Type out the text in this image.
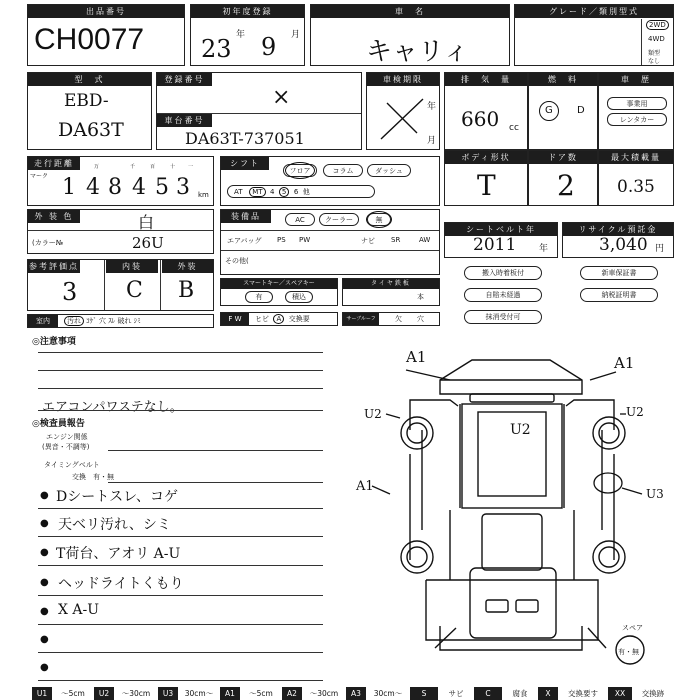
出品番号
CH0077
初年度登録
23 年 9 月
車　名
キャリィ
グレード／類別型式
2WD
4WD
類型
なし
型　式
EBD-
DA63T
登録番号
×
車台番号
DA63T-737051
車検期限
年
月
排　気　量
660 cc
燃　料
G D
車　歴
事業用
レンタカー
走行距離
マーク
万	千	百	十	一
1 4 8 4 5 3 km
シフト
フロア	コラム	ダッシュ
AT MT 4 5 6 他
ボディ形状
T
ドア数
2
最大積載量
0.35
外 装 色	白
(カラー№	26U
装備品	AC	クーラー	無
エアバッグ PS PW	ナビ SR	AW
その他(
シートベルト年
2011	年
リサイクル預託金
3,040 円
参考評価点	内装	外装
3 C B	スマートキー／スペアキー
有	積込
タイヤ鉄板
本
搬入時着板付	新車保証書
自賠未経過	納税証明書
抹消受付可
室内	汚れ ｺｹﾞ 穴 ｽﾚ 破れ ｼﾐ	F W	ヒビ A 交換要	サーブルーフ	欠 穴
◎注意事項
エアコンパワステなし。
◎検査員報告
エンジン関係
(異音・不調等)
タイミングベルト
交換　有・無
● Dシートスレ、コゲ
● 天ベリ汚れ、シミ
● T荷台、アオリ A-U
● ヘッドライトくもり
● X A-U
●
●
A1	A1
U2	U2
U2
A1	U3
スペア
有・無
U1	〜5cm	U2	〜30cm	U3	30cm〜	A1	〜5cm	A2	〜30cm	A3	30cm〜	S	サビ	C	腐食	X	交換要す	XX	交換跡
